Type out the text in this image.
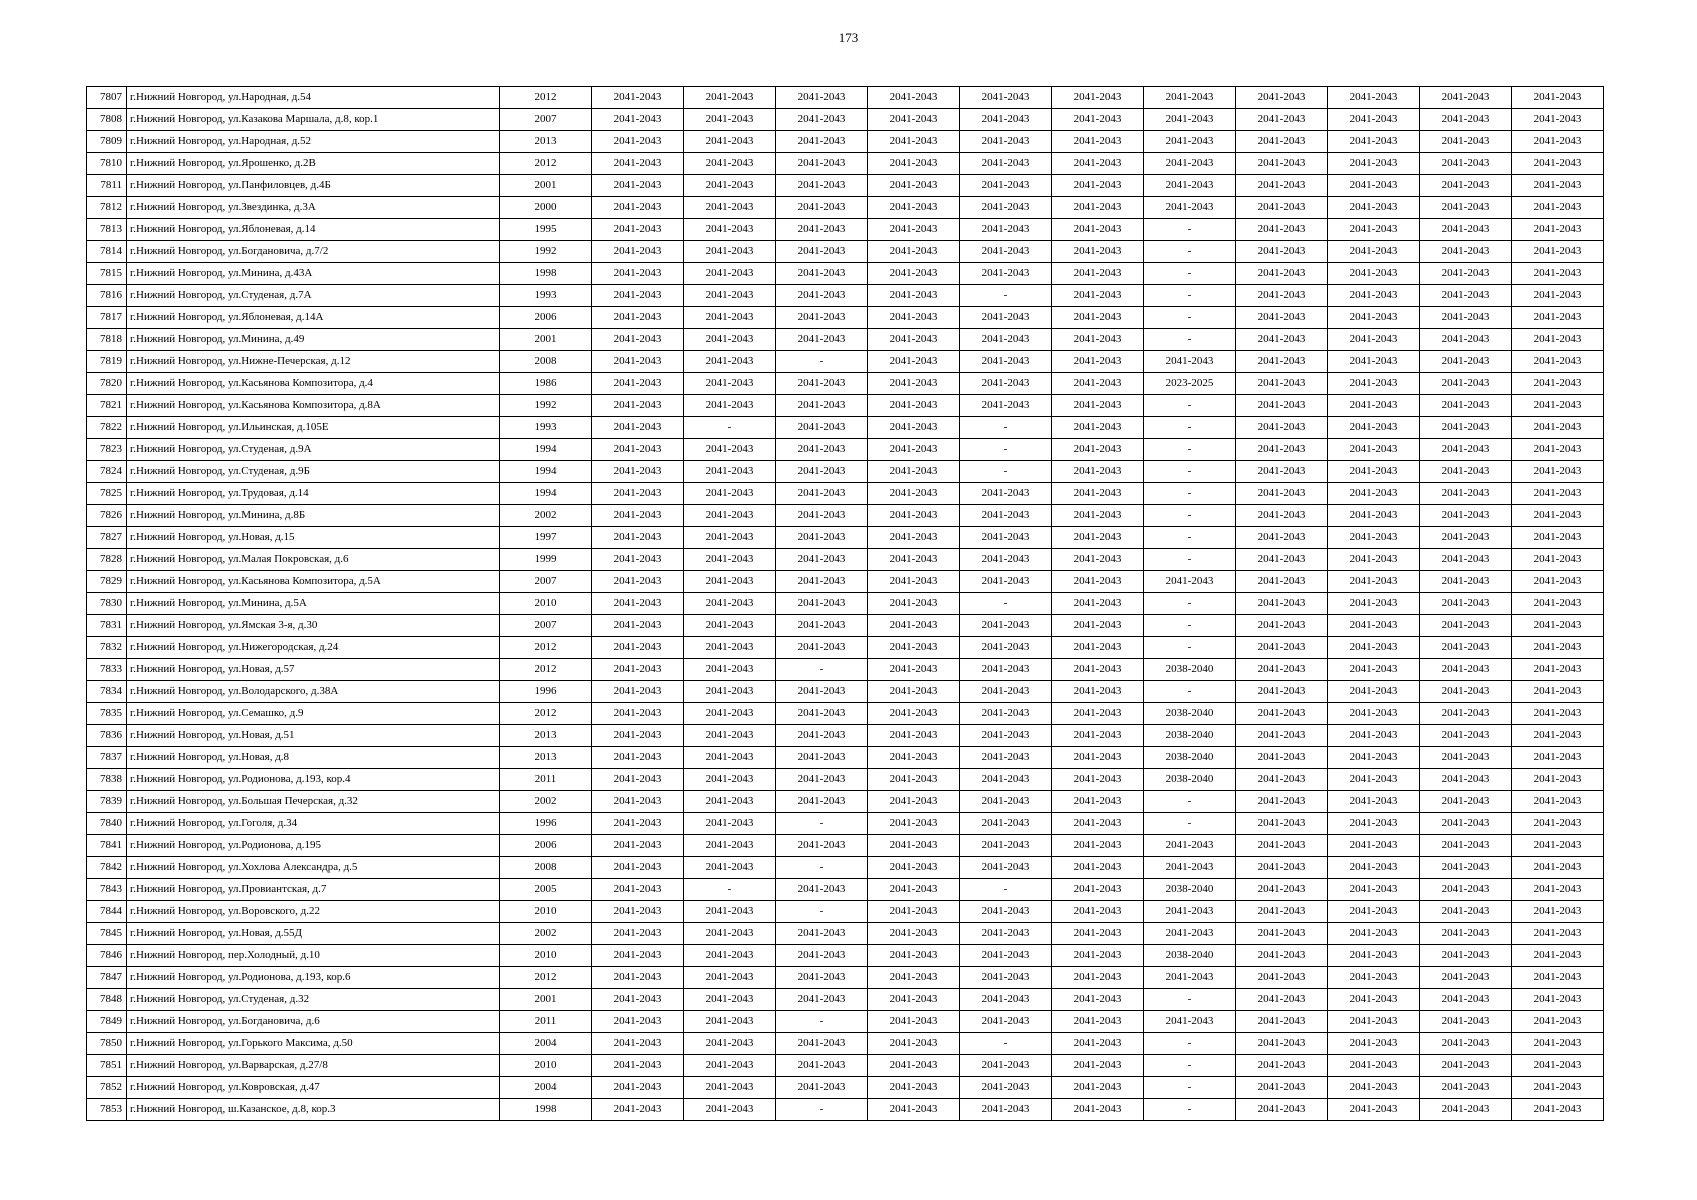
173
7807	г.Нижний Новгород, ул.Народная, д.54	2012	2041-2043	2041-2043	2041-2043	2041-2043	2041-2043	2041-2043	2041-2043	2041-2043	2041-2043	2041-2043	2041-2043
7808	г.Нижний Новгород, ул.Казакова Маршала, д.8, кор.1	2007	2041-2043	2041-2043	2041-2043	2041-2043	2041-2043	2041-2043	2041-2043	2041-2043	2041-2043	2041-2043	2041-2043
7809	г.Нижний Новгород, ул.Народная, д.52	2013	2041-2043	2041-2043	2041-2043	2041-2043	2041-2043	2041-2043	2041-2043	2041-2043	2041-2043	2041-2043	2041-2043
7810	г.Нижний Новгород, ул.Ярошенко, д.2В	2012	2041-2043	2041-2043	2041-2043	2041-2043	2041-2043	2041-2043	2041-2043	2041-2043	2041-2043	2041-2043	2041-2043
7811	г.Нижний Новгород, ул.Панфиловцев, д.4Б	2001	2041-2043	2041-2043	2041-2043	2041-2043	2041-2043	2041-2043	2041-2043	2041-2043	2041-2043	2041-2043	2041-2043
7812	г.Нижний Новгород, ул.Звездинка, д.3А	2000	2041-2043	2041-2043	2041-2043	2041-2043	2041-2043	2041-2043	2041-2043	2041-2043	2041-2043	2041-2043	2041-2043
7813	г.Нижний Новгород, ул.Яблоневая, д.14	1995	2041-2043	2041-2043	2041-2043	2041-2043	2041-2043	2041-2043	-	2041-2043	2041-2043	2041-2043	2041-2043
7814	г.Нижний Новгород, ул.Богдановича, д.7/2	1992	2041-2043	2041-2043	2041-2043	2041-2043	2041-2043	2041-2043	-	2041-2043	2041-2043	2041-2043	2041-2043
7815	г.Нижний Новгород, ул.Минина, д.43А	1998	2041-2043	2041-2043	2041-2043	2041-2043	2041-2043	2041-2043	-	2041-2043	2041-2043	2041-2043	2041-2043
7816	г.Нижний Новгород, ул.Студеная, д.7А	1993	2041-2043	2041-2043	2041-2043	2041-2043	-	2041-2043	-	2041-2043	2041-2043	2041-2043	2041-2043
7817	г.Нижний Новгород, ул.Яблоневая, д.14А	2006	2041-2043	2041-2043	2041-2043	2041-2043	2041-2043	2041-2043	-	2041-2043	2041-2043	2041-2043	2041-2043
7818	г.Нижний Новгород, ул.Минина, д.49	2001	2041-2043	2041-2043	2041-2043	2041-2043	2041-2043	2041-2043	-	2041-2043	2041-2043	2041-2043	2041-2043
7819	г.Нижний Новгород, ул.Нижне-Печерская, д.12	2008	2041-2043	2041-2043	-	2041-2043	2041-2043	2041-2043	2041-2043	2041-2043	2041-2043	2041-2043	2041-2043
7820	г.Нижний Новгород, ул.Касьянова Композитора, д.4	1986	2041-2043	2041-2043	2041-2043	2041-2043	2041-2043	2041-2043	2023-2025	2041-2043	2041-2043	2041-2043	2041-2043
7821	г.Нижний Новгород, ул.Касьянова Композитора, д.8А	1992	2041-2043	2041-2043	2041-2043	2041-2043	2041-2043	2041-2043	-	2041-2043	2041-2043	2041-2043	2041-2043
7822	г.Нижний Новгород, ул.Ильинская, д.105Е	1993	2041-2043	-	2041-2043	2041-2043	-	2041-2043	-	2041-2043	2041-2043	2041-2043	2041-2043
7823	г.Нижний Новгород, ул.Студеная, д.9А	1994	2041-2043	2041-2043	2041-2043	2041-2043	-	2041-2043	-	2041-2043	2041-2043	2041-2043	2041-2043
7824	г.Нижний Новгород, ул.Студеная, д.9Б	1994	2041-2043	2041-2043	2041-2043	2041-2043	-	2041-2043	-	2041-2043	2041-2043	2041-2043	2041-2043
7825	г.Нижний Новгород, ул.Трудовая, д.14	1994	2041-2043	2041-2043	2041-2043	2041-2043	2041-2043	2041-2043	-	2041-2043	2041-2043	2041-2043	2041-2043
7826	г.Нижний Новгород, ул.Минина, д.8Б	2002	2041-2043	2041-2043	2041-2043	2041-2043	2041-2043	2041-2043	-	2041-2043	2041-2043	2041-2043	2041-2043
7827	г.Нижний Новгород, ул.Новая, д.15	1997	2041-2043	2041-2043	2041-2043	2041-2043	2041-2043	2041-2043	-	2041-2043	2041-2043	2041-2043	2041-2043
7828	г.Нижний Новгород, ул.Малая Покровская, д.6	1999	2041-2043	2041-2043	2041-2043	2041-2043	2041-2043	2041-2043	-	2041-2043	2041-2043	2041-2043	2041-2043
7829	г.Нижний Новгород, ул.Касьянова Композитора, д.5А	2007	2041-2043	2041-2043	2041-2043	2041-2043	2041-2043	2041-2043	2041-2043	2041-2043	2041-2043	2041-2043	2041-2043
7830	г.Нижний Новгород, ул.Минина, д.5А	2010	2041-2043	2041-2043	2041-2043	2041-2043	-	2041-2043	-	2041-2043	2041-2043	2041-2043	2041-2043
7831	г.Нижний Новгород, ул.Ямская 3-я, д.30	2007	2041-2043	2041-2043	2041-2043	2041-2043	2041-2043	2041-2043	-	2041-2043	2041-2043	2041-2043	2041-2043
7832	г.Нижний Новгород, ул.Нижегородская, д.24	2012	2041-2043	2041-2043	2041-2043	2041-2043	2041-2043	2041-2043	-	2041-2043	2041-2043	2041-2043	2041-2043
7833	г.Нижний Новгород, ул.Новая, д.57	2012	2041-2043	2041-2043	-	2041-2043	2041-2043	2041-2043	2038-2040	2041-2043	2041-2043	2041-2043	2041-2043
7834	г.Нижний Новгород, ул.Володарского, д.38А	1996	2041-2043	2041-2043	2041-2043	2041-2043	2041-2043	2041-2043	-	2041-2043	2041-2043	2041-2043	2041-2043
7835	г.Нижний Новгород, ул.Семашко, д.9	2012	2041-2043	2041-2043	2041-2043	2041-2043	2041-2043	2041-2043	2038-2040	2041-2043	2041-2043	2041-2043	2041-2043
7836	г.Нижний Новгород, ул.Новая, д.51	2013	2041-2043	2041-2043	2041-2043	2041-2043	2041-2043	2041-2043	2038-2040	2041-2043	2041-2043	2041-2043	2041-2043
7837	г.Нижний Новгород, ул.Новая, д.8	2013	2041-2043	2041-2043	2041-2043	2041-2043	2041-2043	2041-2043	2038-2040	2041-2043	2041-2043	2041-2043	2041-2043
7838	г.Нижний Новгород, ул.Родионова, д.193, кор.4	2011	2041-2043	2041-2043	2041-2043	2041-2043	2041-2043	2041-2043	2038-2040	2041-2043	2041-2043	2041-2043	2041-2043
7839	г.Нижний Новгород, ул.Большая Печерская, д.32	2002	2041-2043	2041-2043	2041-2043	2041-2043	2041-2043	2041-2043	-	2041-2043	2041-2043	2041-2043	2041-2043
7840	г.Нижний Новгород, ул.Гоголя, д.34	1996	2041-2043	2041-2043	-	2041-2043	2041-2043	2041-2043	-	2041-2043	2041-2043	2041-2043	2041-2043
7841	г.Нижний Новгород, ул.Родионова, д.195	2006	2041-2043	2041-2043	2041-2043	2041-2043	2041-2043	2041-2043	2041-2043	2041-2043	2041-2043	2041-2043	2041-2043
7842	г.Нижний Новгород, ул.Хохлова Александра, д.5	2008	2041-2043	2041-2043	-	2041-2043	2041-2043	2041-2043	2041-2043	2041-2043	2041-2043	2041-2043	2041-2043
7843	г.Нижний Новгород, ул.Провиантская, д.7	2005	2041-2043	-	2041-2043	2041-2043	-	2041-2043	2038-2040	2041-2043	2041-2043	2041-2043	2041-2043
7844	г.Нижний Новгород, ул.Воровского, д.22	2010	2041-2043	2041-2043	-	2041-2043	2041-2043	2041-2043	2041-2043	2041-2043	2041-2043	2041-2043	2041-2043
7845	г.Нижний Новгород, ул.Новая, д.55Д	2002	2041-2043	2041-2043	2041-2043	2041-2043	2041-2043	2041-2043	2041-2043	2041-2043	2041-2043	2041-2043	2041-2043
7846	г.Нижний Новгород, пер.Холодный, д.10	2010	2041-2043	2041-2043	2041-2043	2041-2043	2041-2043	2041-2043	2038-2040	2041-2043	2041-2043	2041-2043	2041-2043
7847	г.Нижний Новгород, ул.Родионова, д.193, кор.6	2012	2041-2043	2041-2043	2041-2043	2041-2043	2041-2043	2041-2043	2041-2043	2041-2043	2041-2043	2041-2043	2041-2043
7848	г.Нижний Новгород, ул.Студеная, д.32	2001	2041-2043	2041-2043	2041-2043	2041-2043	2041-2043	2041-2043	-	2041-2043	2041-2043	2041-2043	2041-2043
7849	г.Нижний Новгород, ул.Богдановича, д.6	2011	2041-2043	2041-2043	-	2041-2043	2041-2043	2041-2043	2041-2043	2041-2043	2041-2043	2041-2043	2041-2043
7850	г.Нижний Новгород, ул.Горького Максима, д.50	2004	2041-2043	2041-2043	2041-2043	2041-2043	-	2041-2043	-	2041-2043	2041-2043	2041-2043	2041-2043
7851	г.Нижний Новгород, ул.Варварская, д.27/8	2010	2041-2043	2041-2043	2041-2043	2041-2043	2041-2043	2041-2043	-	2041-2043	2041-2043	2041-2043	2041-2043
7852	г.Нижний Новгород, ул.Ковровская, д.47	2004	2041-2043	2041-2043	2041-2043	2041-2043	2041-2043	2041-2043	-	2041-2043	2041-2043	2041-2043	2041-2043
7853	г.Нижний Новгород, ш.Казанское, д.8, кор.3	1998	2041-2043	2041-2043	-	2041-2043	2041-2043	2041-2043	-	2041-2043	2041-2043	2041-2043	2041-2043
